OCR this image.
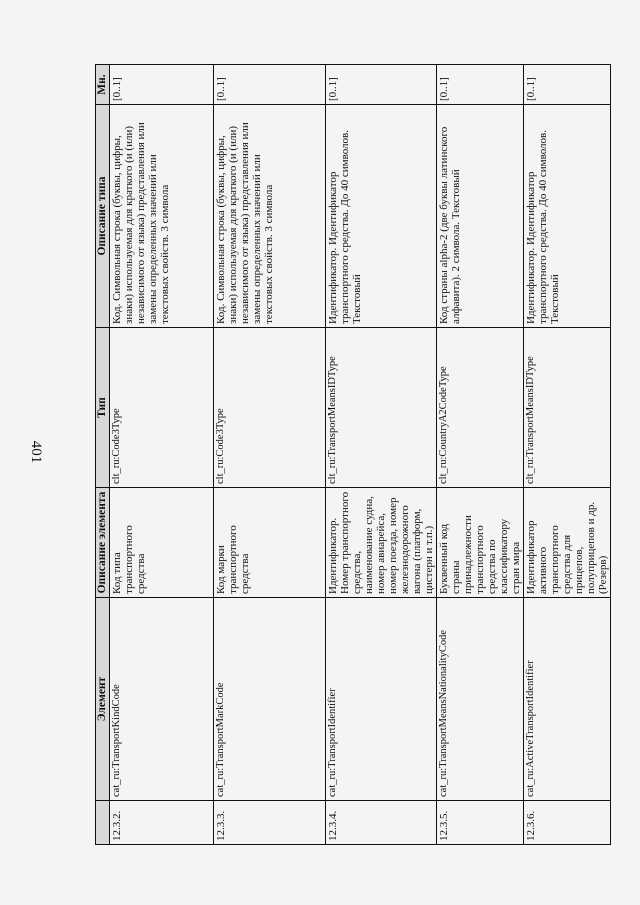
401
	Элемент	Описание элемента	Тип	Описание типа	Мн.
12.3.2.	cat_ru:TransportKindCode	Код типа транспортного средства	clt_ru:Code3Type	Код. Символьная строка (буквы, цифры, знаки) используемая для краткого (и (или) независимого от языка) представления или замены определенных значений или текстовых свойств. 3 символа	[0..1]
12.3.3.	cat_ru:TransportMarkCode	Код марки транспортного средства	clt_ru:Code3Type	Код. Символьная строка (буквы, цифры, знаки) используемая для краткого (и (или) независимого от языка) представления или замены определенных значений или текстовых свойств. 3 символа	[0..1]
12.3.4.	cat_ru:TransportIdentifier	Идентификатор. Номер транспортного средства, наименование судна, номер авиарейса, номер поезда, номер железнодорожного вагона (платформ, цистерн и т.п.)	clt_ru:TransportMeansIDType	Идентификатор. Идентификатор транспортного средства. До 40 символов. Текстовый	[0..1]
12.3.5.	cat_ru:TransportMeansNationalityCode	Буквенный код страны принадлежности транспортного средства по классификатору стран мира	clt_ru:CountryA2CodeType	Код страны alpha-2 (две буквы латинского алфавита). 2 символа. Текстовый	[0..1]
12.3.6.	cat_ru:ActiveTransportIdentifier	Идентификатор активного транспортного средства для прицепов, полуприцепов и др. (Резерв)	clt_ru:TransportMeansIDType	Идентификатор. Идентификатор транспортного средства. До 40 символов. Текстовый	[0..1]
